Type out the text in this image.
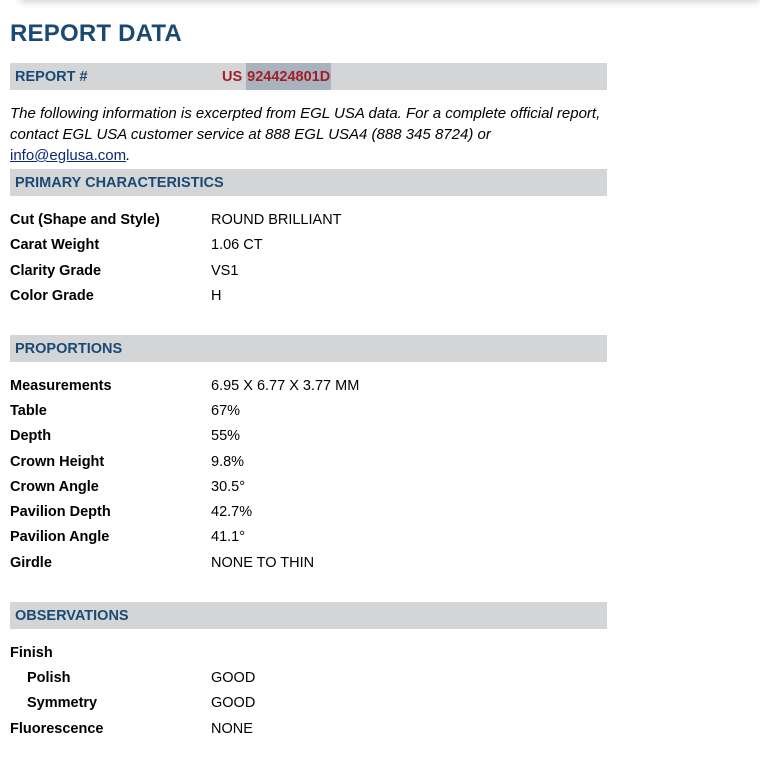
REPORT DATA
REPORT #	US 924424801D
The following information is excerpted from EGL USA data. For a complete official report, contact EGL USA customer service at 888 EGL USA4 (888 345 8724) or info@eglusa.com.
PRIMARY CHARACTERISTICS
Cut (Shape and Style)	ROUND BRILLIANT
Carat Weight	1.06 CT
Clarity Grade	VS1
Color Grade	H
PROPORTIONS
Measurements	6.95 X 6.77 X 3.77 MM
Table	67%
Depth	55%
Crown Height	9.8%
Crown Angle	30.5°
Pavilion Depth	42.7%
Pavilion Angle	41.1°
Girdle	NONE TO THIN
OBSERVATIONS
Finish
Polish	GOOD
Symmetry	GOOD
Fluorescence	NONE
